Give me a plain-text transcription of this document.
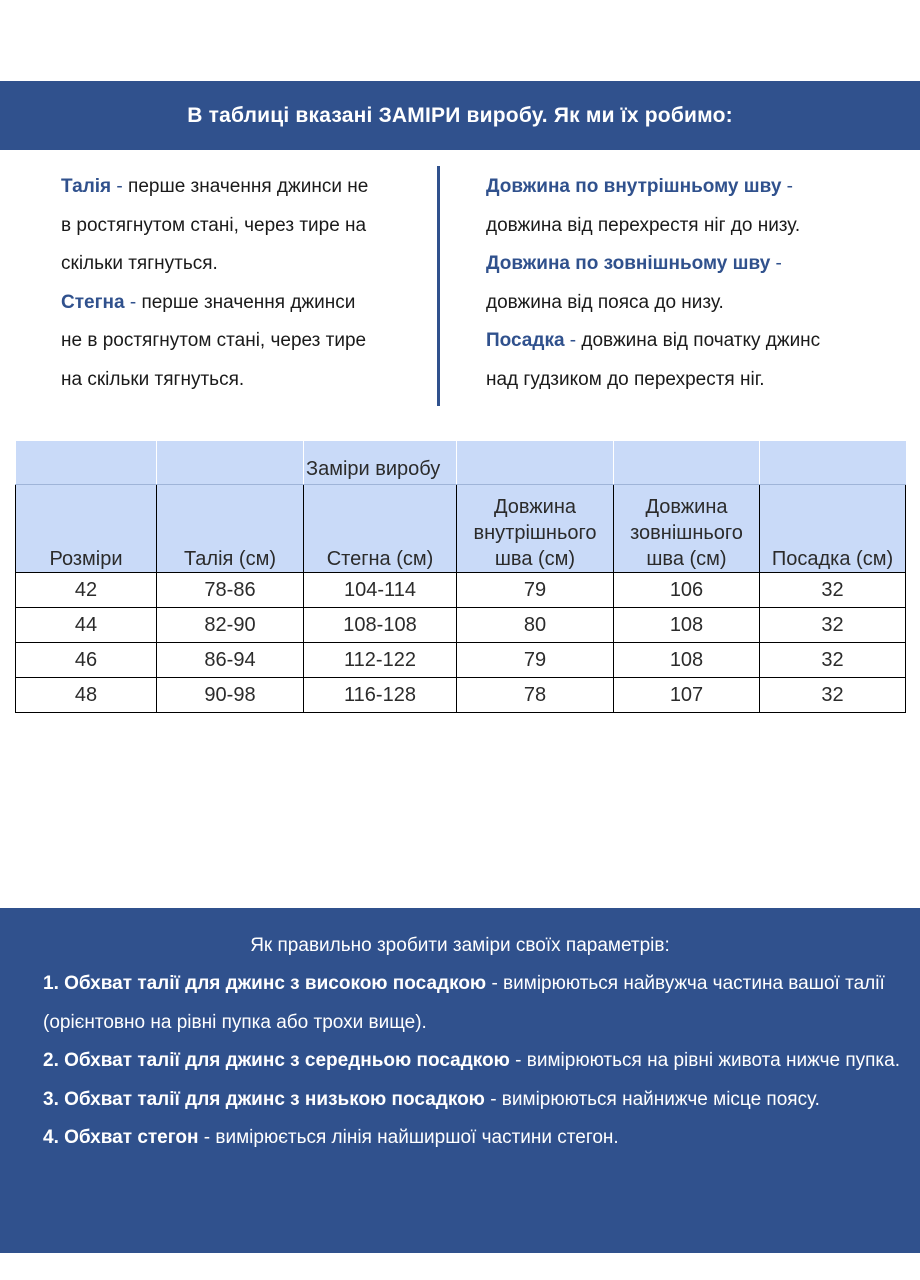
В таблиці вказані ЗАМІРИ виробу. Як ми їх робимо:

Талія - перше значення джинси не

в ростягнутом стані, через тире на

скільки тягнуться.

Стегна - перше значення джинси

не в ростягнутом стані, через тире

на скільки тягнуться.

Довжина по внутрішньому шву -

довжина від перехрестя ніг до низу.

Довжина по зовнішньому шву -

довжина від пояса до низу.

Посадка - довжина від початку джинс

над гудзиком до перехрестя ніг.

		Заміри виробу			
Розміри	Талія (см)	Стегна (см)	Довжина внутрішнього шва (см)	Довжина зовнішнього шва (см)	Посадка (см)
42	78-86	104-114	79	106	32
44	82-90	108-108	80	108	32
46	86-94	112-122	79	108	32
48	90-98	116-128	78	107	32
Як правильно зробити заміри своїх параметрів:

1. Обхват талії для джинс з високою посадкою - вимірюються найвужча частина вашої талії (орієнтовно на рівні пупка або трохи вище).

2. Обхват талії для джинс з середньою посадкою - вимірюються на рівні живота нижче пупка.

3. Обхват талії для джинс з низькою посадкою - вимірюються найнижче місце поясу.

4. Обхват стегон - вимірюється лінія найширшої частини стегон.
